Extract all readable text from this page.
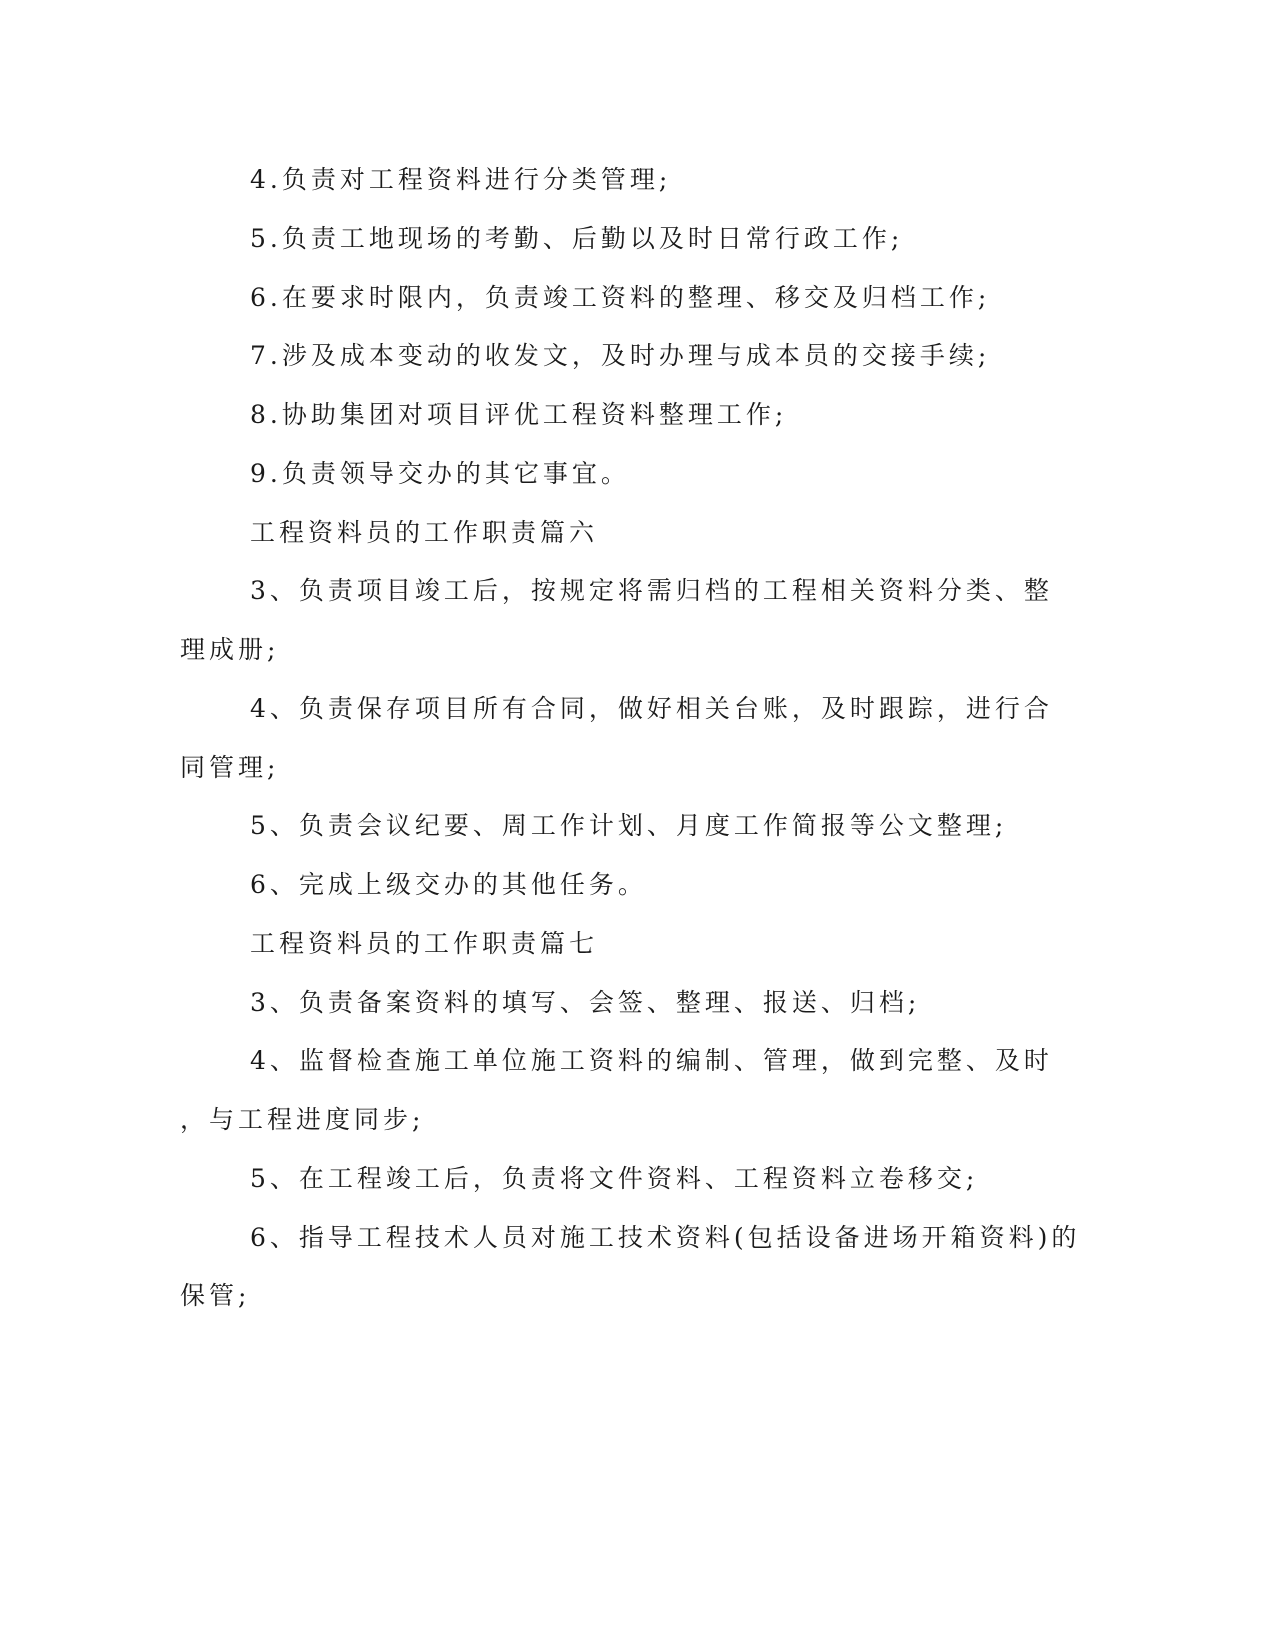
4.负责对工程资料进行分类管理;

5.负责工地现场的考勤、后勤以及时日常行政工作;

6.在要求时限内，负责竣工资料的整理、移交及归档工作;

7.涉及成本变动的收发文，及时办理与成本员的交接手续;

8.协助集团对项目评优工程资料整理工作;

9.负责领导交办的其它事宜。

工程资料员的工作职责篇六

3、负责项目竣工后，按规定将需归档的工程相关资料分类、整

理成册;

4、负责保存项目所有合同，做好相关台账，及时跟踪，进行合

同管理;

5、负责会议纪要、周工作计划、月度工作简报等公文整理;

6、完成上级交办的其他任务。

工程资料员的工作职责篇七

3、负责备案资料的填写、会签、整理、报送、归档;

4、监督检查施工单位施工资料的编制、管理，做到完整、及时

，与工程进度同步;

5、在工程竣工后，负责将文件资料、工程资料立卷移交;

6、指导工程技术人员对施工技术资料(包括设备进场开箱资料)的

保管;
